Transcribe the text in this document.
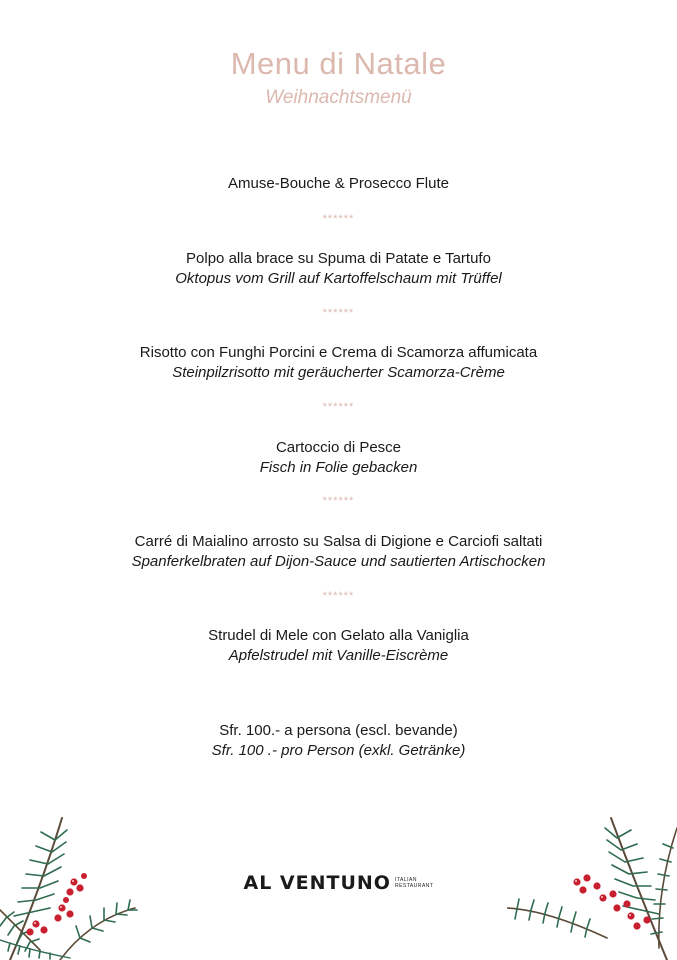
Menu di Natale
Weihnachtsmenü
Amuse-Bouche & Prosecco Flute
******
Polpo alla brace su Spuma di Patate e Tartufo
Oktopus vom Grill auf Kartoffelschaum mit Trüffel
******
Risotto con Funghi Porcini e Crema di Scamorza affumicata
Steinpilzrisotto mit geräucherter Scamorza-Crème
******
Cartoccio di Pesce
Fisch in Folie gebacken
******
Carré di Maialino arrosto su Salsa di Digione e Carciofi saltati
Spanferkelbraten auf Dijon-Sauce und sautierten Artischocken
******
Strudel di Mele con Gelato alla Vaniglia
Apfelstrudel mit Vanille-Eiscrème
Sfr. 100.- a persona (escl. bevande)
Sfr. 100 .- pro Person (exkl. Getränke)
AL VENTUNO ITALIAN
RESTAURANT
